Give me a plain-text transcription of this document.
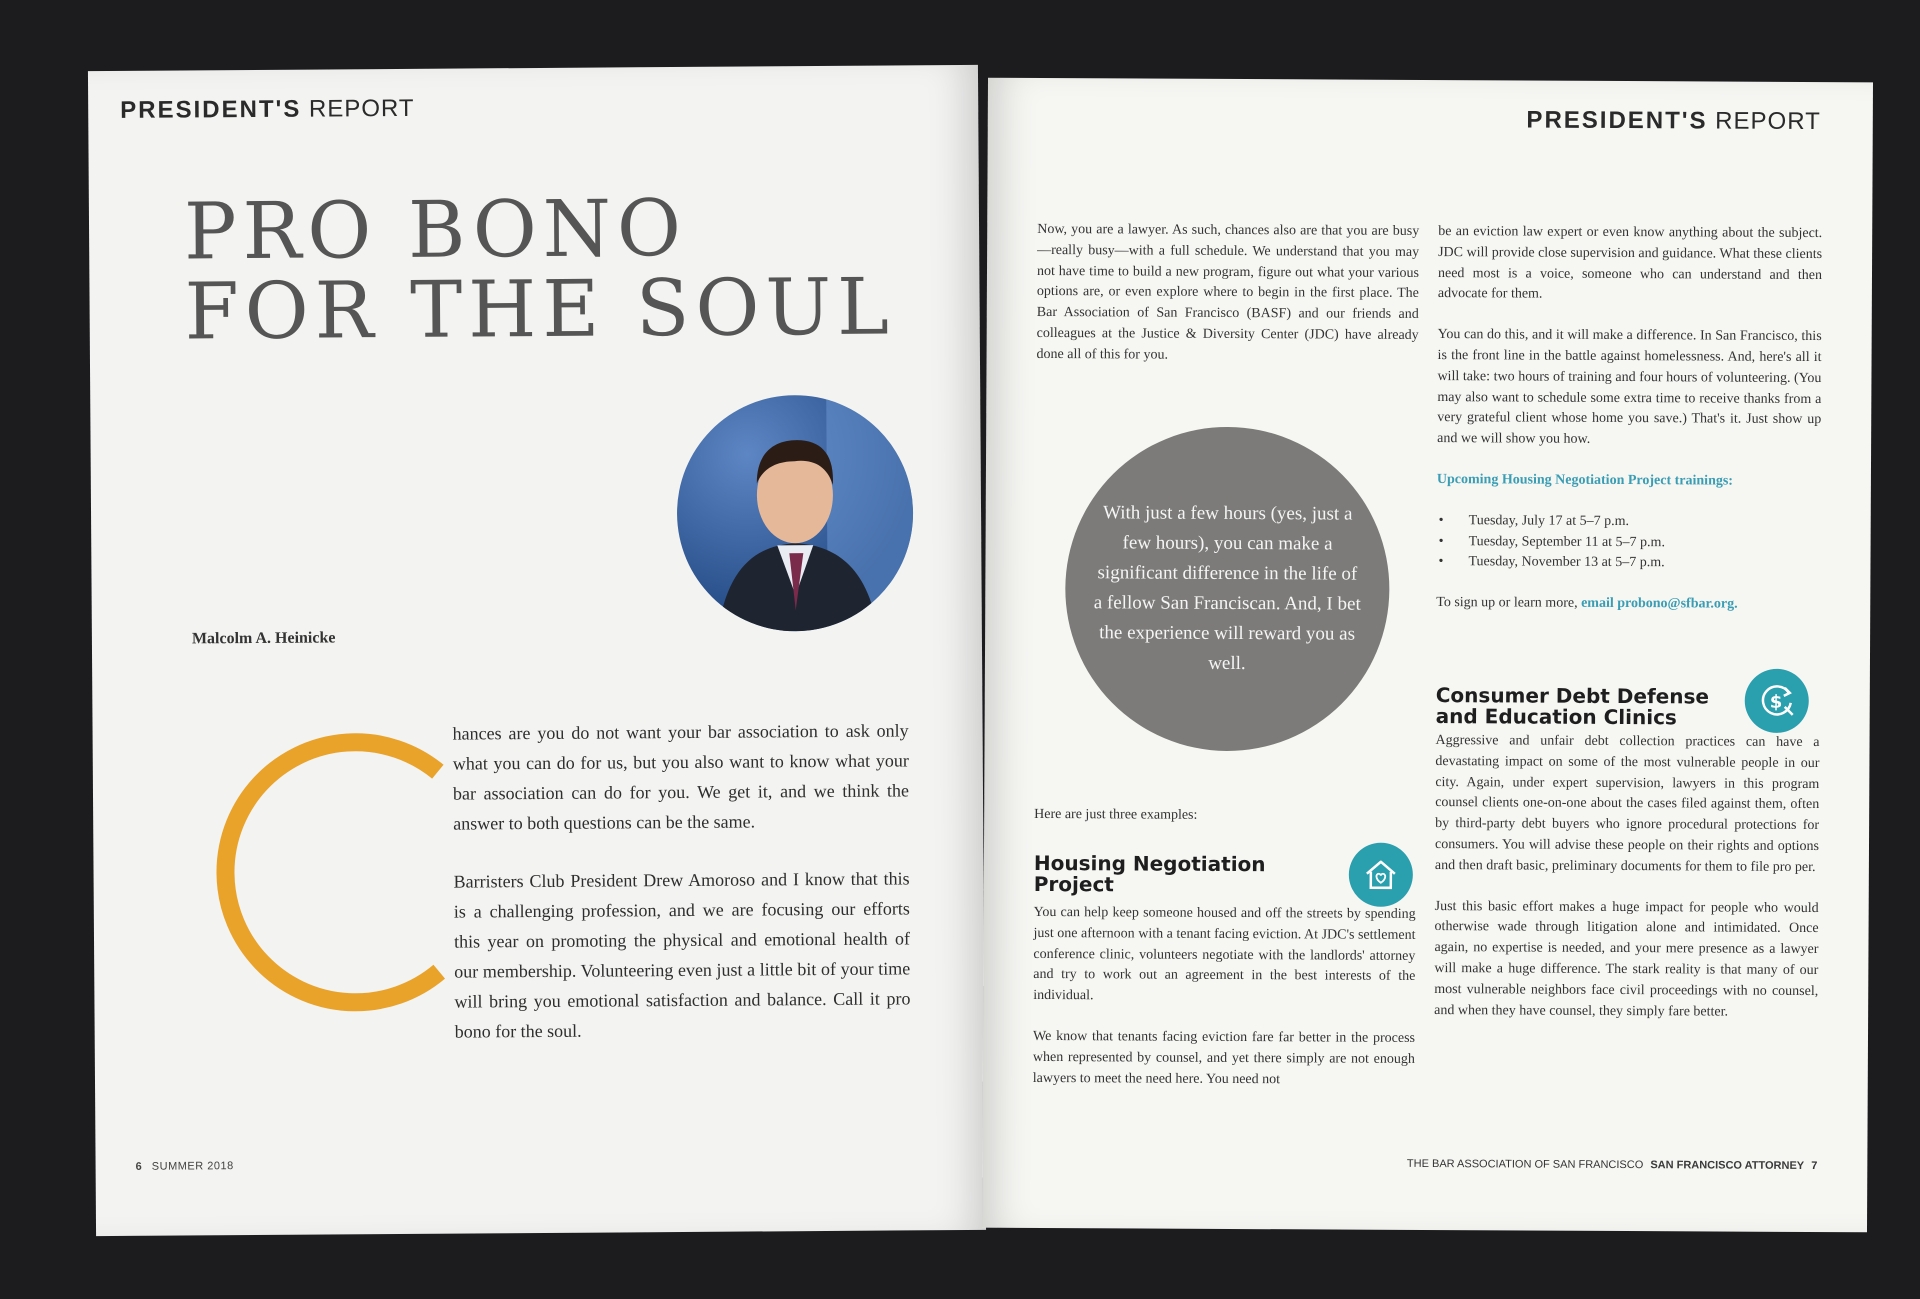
PRESIDENT'S REPORT
PRO BONO
FOR THE SOUL
Malcolm A. Heinicke

hances are you do not want your bar association to ask only what you can do for us, but you also want to know what your bar association can do for you. We get it, and we think the answer to both questions can be the same.

Barristers Club President Drew Amoroso and I know that this is a challenging profession, and we are focusing our efforts this year on promoting the physical and emotional health of our membership. Volunteering even just a little bit of your time will bring you emotional satisfaction and balance. Call it pro bono for the soul.

6 SUMMER 2018
PRESIDENT'S REPORT

Now, you are a lawyer. As such, chances also are that you are busy—really busy—with a full schedule. We understand that you may not have time to build a new program, figure out what your various options are, or even explore where to begin in the first place. The Bar Association of San Francisco (BASF) and our friends and colleagues at the Justice & Diversity Center (JDC) have already done all of this for you.

With just a few hours (yes, just a few hours), you can make a significant difference in the life of a fellow San Franciscan. And, I bet the experience will reward you as well.

Here are just three examples:

Housing Negotiation
Project

You can help keep someone housed and off the streets by spending just one afternoon with a tenant facing eviction. At JDC's settlement conference clinic, volunteers negotiate with the landlords' attorney and try to work out an agreement in the best interests of the individual.

We know that tenants facing eviction fare far better in the process when represented by counsel, and yet there simply are not enough lawyers to meet the need here. You need not

be an eviction law expert or even know anything about the subject. JDC will provide close supervision and guidance. What these clients need most is a voice, someone who can understand and then advocate for them.

You can do this, and it will make a difference. In San Francisco, this is the front line in the battle against homelessness. And, here's all it will take: two hours of training and four hours of volunteering. (You may also want to schedule some extra time to receive thanks from a very grateful client whose home you save.) That's it. Just show up and we will show you how.

Upcoming Housing Negotiation Project trainings:

• Tuesday, July 17 at 5–7 p.m.
• Tuesday, September 11 at 5–7 p.m.
• Tuesday, November 13 at 5–7 p.m.

To sign up or learn more, email probono@sfbar.org.

Consumer Debt Defense
and Education Clinics
$

Aggressive and unfair debt collection practices can have a devastating impact on some of the most vulnerable people in our city. Again, under expert supervision, lawyers in this program counsel clients one-on-one about the cases filed against them, often by third-party debt buyers who ignore procedural protections for consumers. You will advise these people on their rights and options and then draft basic, preliminary documents for them to file pro per.

Just this basic effort makes a huge impact for people who would otherwise wade through litigation alone and intimidated. Once again, no expertise is needed, and your mere presence as a lawyer will make a huge difference. The stark reality is that many of our most vulnerable neighbors face civil proceedings with no counsel, and when they have counsel, they simply fare better.

THE BAR ASSOCIATION OF SAN FRANCISCO SAN FRANCISCO ATTORNEY 7
